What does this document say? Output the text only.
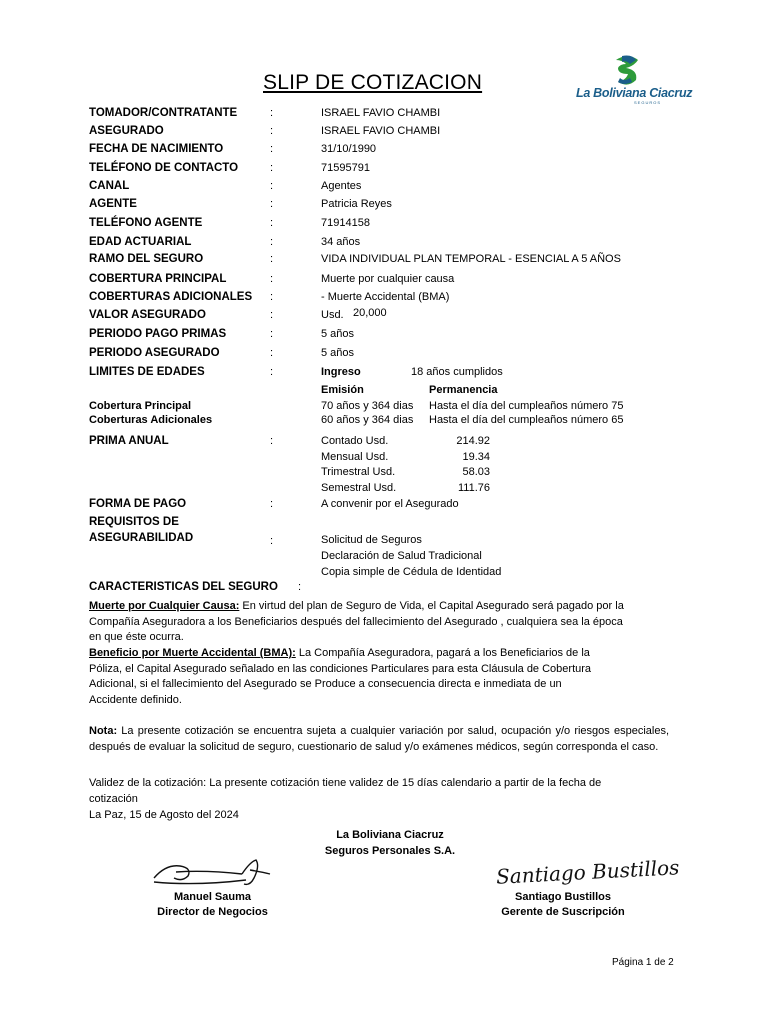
SLIP DE COTIZACION	La Boliviana Ciacruz
SEGUROS
TOMADOR/CONTRATANTE	:	ISRAEL FAVIO CHAMBI
ASEGURADO	:	ISRAEL FAVIO CHAMBI
FECHA DE NACIMIENTO	:	31/10/1990
TELÉFONO DE CONTACTO	:	71595791
CANAL	:	Agentes
AGENTE	:	Patricia Reyes
TELÉFONO AGENTE	:	71914158
EDAD ACTUARIAL	:	34 años
RAMO DEL SEGURO	:	VIDA INDIVIDUAL PLAN TEMPORAL - ESENCIAL A 5 AÑOS
COBERTURA PRINCIPAL	:	Muerte por cualquier causa
COBERTURAS ADICIONALES :	- Muerte Accidental (BMA)
VALOR ASEGURADO	:	Usd. 20,000
PERIODO PAGO PRIMAS	:	5 años
PERIODO ASEGURADO	:	5 años
LIMITES DE EDADES	:	Ingreso	18 años cumplidos
Emisión	Permanencia
Cobertura Principal	70 años y 364 dias Hasta el día del cumpleaños número 75
Coberturas Adicionales	60 años y 364 dias Hasta el día del cumpleaños número 65
PRIMA ANUAL	:	Contado Usd.	214.92
Mensual Usd.	19.34
Trimestral Usd.	58.03
Semestral Usd.	111.76
FORMA DE PAGO	:	A convenir por el Asegurado
REQUISITOS DE
ASEGURABILIDAD	:	Solicitud de Seguros
Declaración de Salud Tradicional
Copia simple de Cédula de Identidad
CARACTERISTICAS DEL SEGURO :
Muerte por Cualquier Causa: En virtud del plan de Seguro de Vida, el Capital Asegurado será pagado por la Compañía Aseguradora a los Beneficiarios después del fallecimiento del Asegurado , cualquiera sea la época en que éste ocurra.
Beneficio por Muerte Accidental (BMA): La Compañía Aseguradora, pagará a los Beneficiarios de la Póliza, el Capital Asegurado señalado en las condiciones Particulares para esta Cláusula de Cobertura Adicional, si el fallecimiento del Asegurado se Produce a consecuencia directa e inmediata de un Accidente definido.
Nota: La presente cotización se encuentra sujeta a cualquier variación por salud, ocupación y/o riesgos especiales, después de evaluar la solicitud de seguro, cuestionario de salud y/o exámenes médicos, según corresponda el caso.
Validez de la cotización: La presente cotización tiene validez de 15 días calendario a partir de la fecha de cotización
La Paz, 15 de Agosto del 2024
La Boliviana Ciacruz
Seguros Personales S.A.
Manuel Sauma
Director de Negocios
Santiago Bustillos
Santiago Bustillos
Gerente de Suscripción
Página 1 de 2
